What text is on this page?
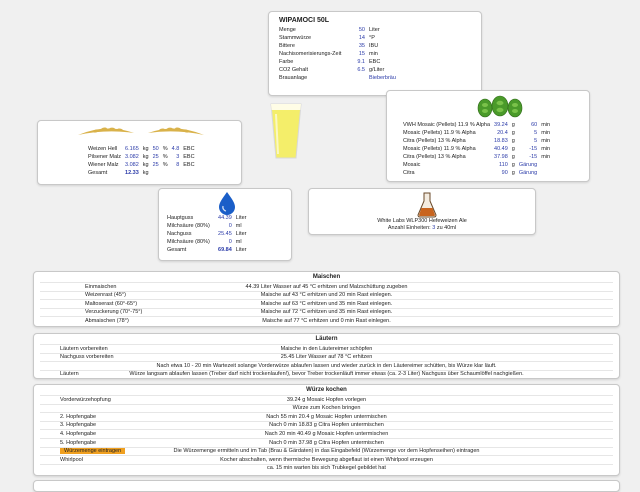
WIPAMOCI 50L
Menge	50	Liter
Stammwürze	14	°P
Bittere	35	IBU
Nachisomerisierungs-Zeit	15	min
Farbe	9.1	EBC
CO2 Gehalt	6.5	g/Liter
Brauanlage		Bieberbräu
Weizen Hell	6.165	kg	50	%	4.8	EBC
Pilsener Malz	3.082	kg	25	%	3	EBC
Wiener Malz	3.082	kg	25	%	8	EBC
Gesamt	12.33	kg				
VWH Mosaic (Pellets) 11.9 % Alpha	39.24	g	60	min
Mosaic (Pellets) 11.9 % Alpha	20.4	g	5	min
Citra (Pellets) 13 % Alpha	18.83	g	5	min
Mosaic (Pellets) 11.9 % Alpha	40.49	g	-15	min
Citra (Pellets) 13 % Alpha	37.98	g	-15	min
Mosaic	110	g	Gärung	
Citra	90	g	Gärung	
Hauptguss	44.39	Liter
Milchsäure (80%)	0	ml
Nachguss	25.45	Liter
Milchsäure (80%)	0	ml
Gesamt	69.84	Liter
White Labs WLP300 Hefeweizen Ale
Anzahl Einheiten: 3 zu 40ml
Maischen
Einmaischen	44.39 Liter Wasser auf 45 °C erhitzen und Malzschüttung zugeben
Weizenrast (45°)	Maische auf 43 °C erhitzen und 20 min Rast einlegen.
Maltoserast (60°-65°)	Maische auf 63 °C erhitzen und 35 min Rast einlegen.
Verzuckerung (70°-75°)	Maische auf 72 °C erhitzen und 35 min Rast einlegen.
Abmaischen (78°)	Maische auf 77 °C erhitzen und 0 min Rast einlegen.
Läutern
Läutern vorbereiten	Maische in den Läutereimer schöpfen
Nachguss vorbereiten	25.45 Liter Wasser auf 78 °C erhitzen
Nach etwa 10 - 20 min Wartezeit solange Vorderwürze ablaufen lassen und wieder zurück in den Läutereimer schütten, bis Würze klar läuft.
Läutern	Würze langsam ablaufen lassen (Treber darf nicht trockenlaufen!), bevor Treber trockenläuft immer etwas (ca. 2-3 Liter) Nachguss über Schaumlöffel nachgießen.
Würze kochen
Vorderwürzehopfung	39.24 g Mosaic Hopfen vorlegen
Würze zum Kochen bringen
2. Hopfengabe	Nach 55 min 20.4 g Mosaic Hopfen untermischen
3. Hopfengabe	Nach 0 min 18.83 g Citra Hopfen untermischen
4. Hopfengabe	Nach 20 min 40.49 g Mosaic Hopfen untermischen
5. Hopfengabe	Nach 0 min 37.98 g Citra Hopfen untermischen
Würzemenge eintragen	Die Würzemenge ermitteln und im Tab (Brau & Gärdaten) in das Eingabefeld (Würzemenge vor dem Hopfenseihen) eintragen
Whirlpool	Kocher abschalten, wenn thermische Bewegung abgeflaut ist einen Whirlpool erzeugen
ca. 15 min warten bis sich Trubkegel gebildet hat
